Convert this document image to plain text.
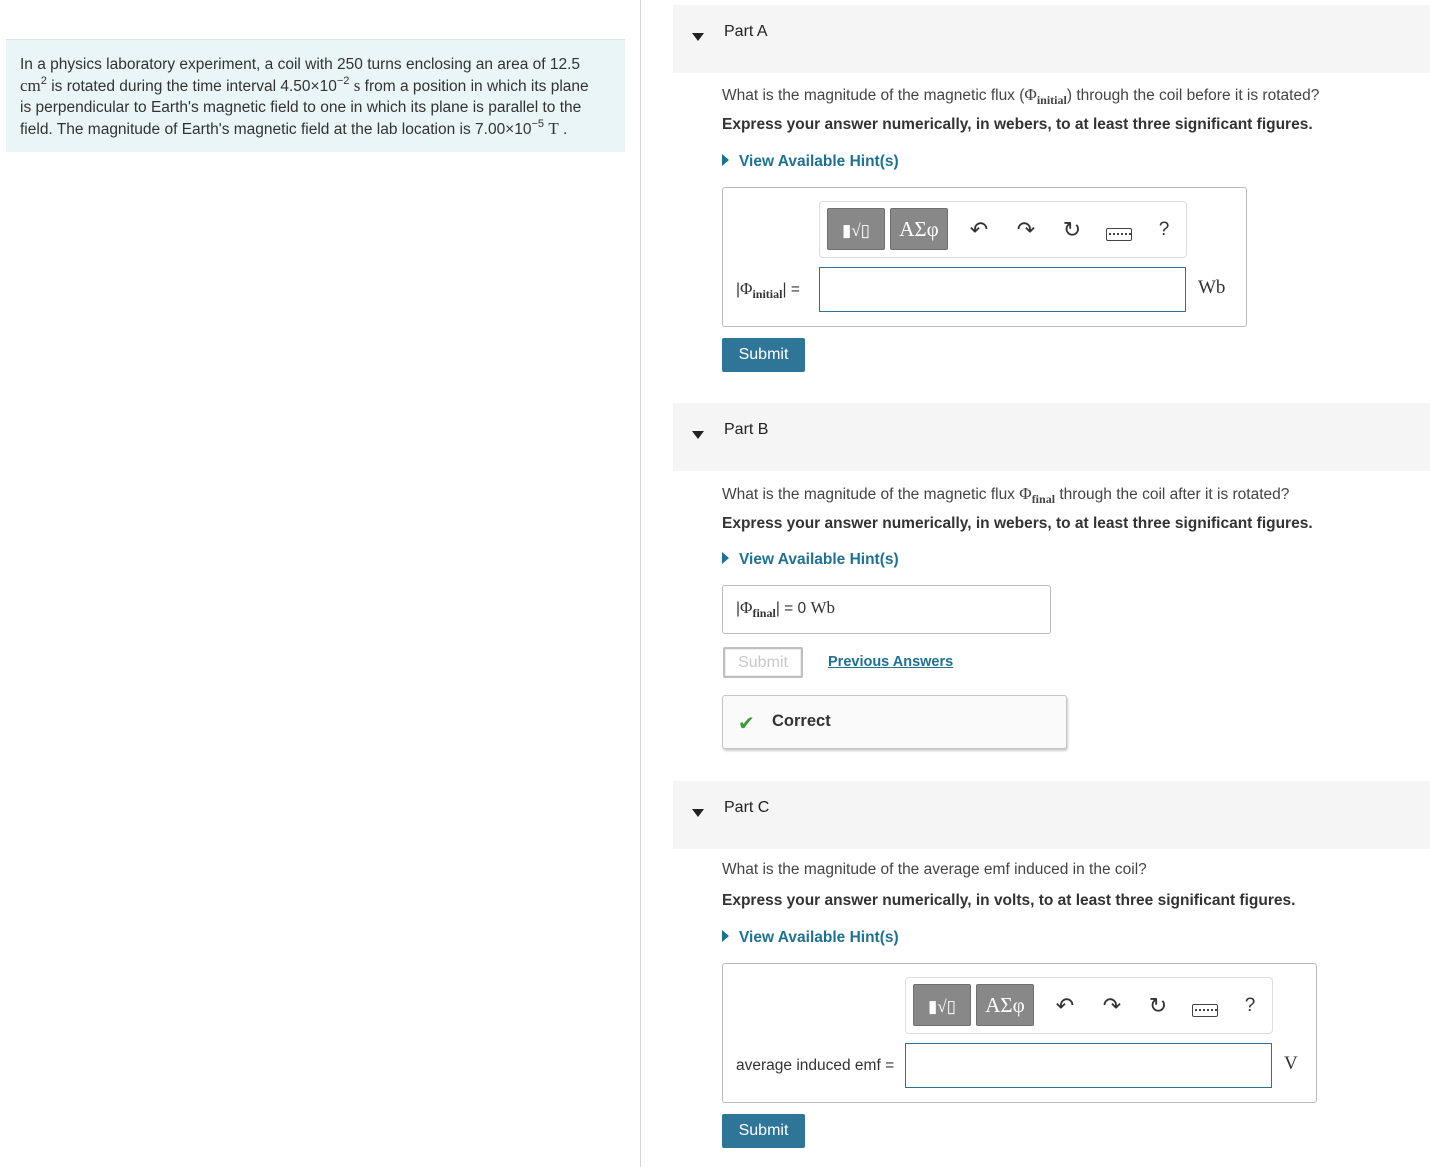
In a physics laboratory experiment, a coil with 250 turns enclosing an area of 12.5
$cm^2$ is rotated during the time interval $4.50\times 10^{-2}$ s from a position in which its plane
is perpendicular to Earth's magnetic field to one in which its plane is parallel to the
field. The magnitude of Earth's magnetic field at the lab location is $7.00\times 10^{-5}$ T .
Part A
What is the magnitude of the magnetic flux $(\Phi_{initial})$ through the coil before it is rotated?
Express your answer numerically, in webers, to at least three significant figures.
View Available Hint(s)
▮√▯	ΑΣφ	↶ ↷ ↻	?
$|\Phi_{initial}|$ =	Wb
Submit
Part B
What is the magnitude of the magnetic flux $\Phi_{final}$ through the coil after it is rotated?
Express your answer numerically, in webers, to at least three significant figures.
View Available Hint(s)
$|\Phi_{final}| = 0$ Wb
Submit	Previous Answers
✔ Correct
Part C
What is the magnitude of the average emf induced in the coil?
Express your answer numerically, in volts, to at least three significant figures.
View Available Hint(s)
▮√▯	ΑΣφ	↶ ↷ ↻	?
average induced emf =	V
Submit
